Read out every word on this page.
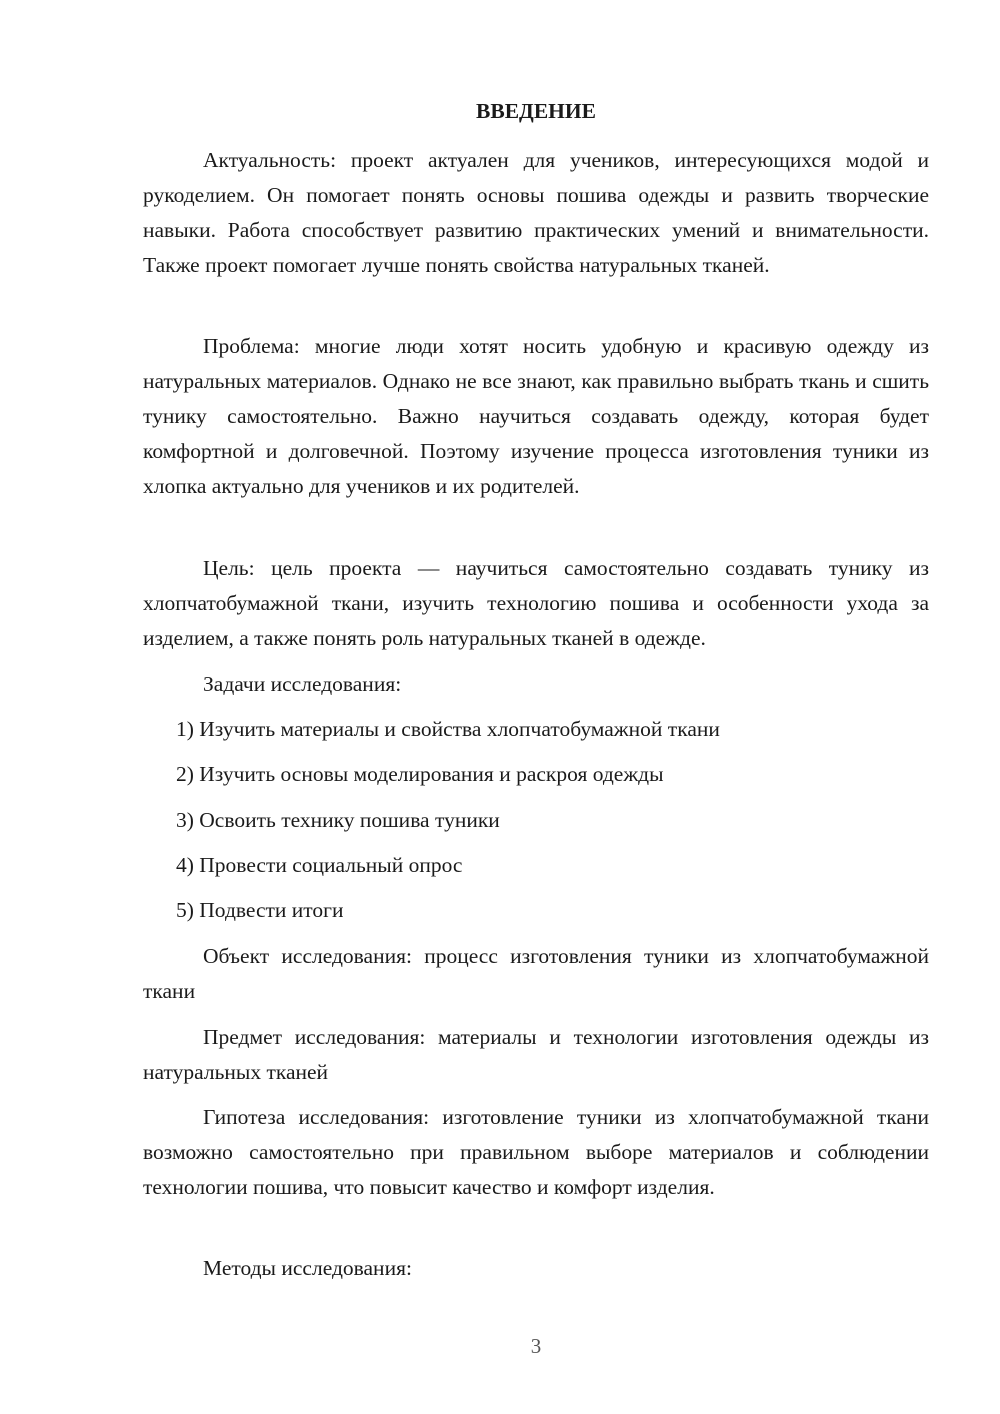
ВВЕДЕНИЕ

Актуальность: проект актуален для учеников, интересующихся модой и рукоделием. Он помогает понять основы пошива одежды и развить творческие навыки. Работа способствует развитию практических умений и внимательности. Также проект помогает лучше понять свойства натуральных тканей.

Проблема: многие люди хотят носить удобную и красивую одежду из натуральных материалов. Однако не все знают, как правильно выбрать ткань и сшить тунику самостоятельно. Важно научиться создавать одежду, которая будет комфортной и долговечной. Поэтому изучение процесса изготовления туники из хлопка актуально для учеников и их родителей.

Цель: цель проекта — научиться самостоятельно создавать тунику из хлопчатобумажной ткани, изучить технологию пошива и особенности ухода за изделием, а также понять роль натуральных тканей в одежде.

Задачи исследования:

1) Изучить материалы и свойства хлопчатобумажной ткани

2) Изучить основы моделирования и раскроя одежды

3) Освоить технику пошива туники

4) Провести социальный опрос

5) Подвести итоги

Объект исследования: процесс изготовления туники из хлопчатобумажной ткани

Предмет исследования: материалы и технологии изготовления одежды из натуральных тканей

Гипотеза исследования: изготовление туники из хлопчатобумажной ткани возможно самостоятельно при правильном выборе материалов и соблюдении технологии пошива, что повысит качество и комфорт изделия.

Методы исследования:

3
